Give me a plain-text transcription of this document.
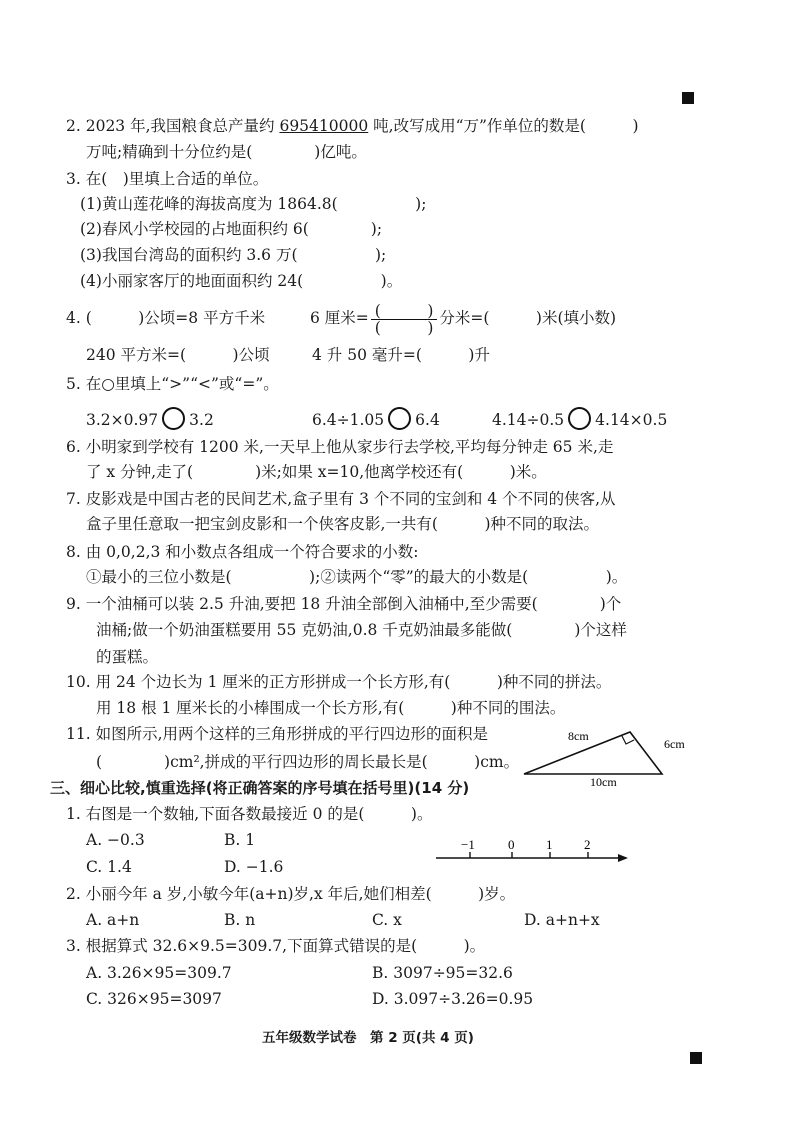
2. 2023 年,我国粮食总产量约 695410000 吨,改写成用“万”作单位的数是(　　　)
万吨;精确到十分位约是(　　　　)亿吨。
3. 在(　)里填上合适的单位。
(1)黄山莲花峰的海拔高度为 1864.8(　　　　　);
(2)春风小学校园的占地面积约 6(　　　　);
(3)我国台湾岛的面积约 3.6 万(　　　　　);
(4)小丽家客厅的地面面积约 24(　　　　　)。
4. (　　　)公顷=8 平方千米	6 厘米= $\frac{( )}{( )}$ 分米=(　　　)米(填小数)
240 平方米=(　　　)公顷	4 升 50 毫升=(　　　)升
5. 在○里填上“>”“<”或“=”。
3.2×0.97 3.2	6.4÷1.05 6.4	4.14÷0.5 4.14×0.5
6. 小明家到学校有 1200 米,一天早上他从家步行去学校,平均每分钟走 65 米,走
了 x 分钟,走了(　　　　)米;如果 x=10,他离学校还有(　　　)米。
7. 皮影戏是中国古老的民间艺术,盒子里有 3 个不同的宝剑和 4 个不同的侠客,从
盒子里任意取一把宝剑皮影和一个侠客皮影,一共有(　　　)种不同的取法。
8. 由 0,0,2,3 和小数点各组成一个符合要求的小数:
①最小的三位小数是(　　　　　);②读两个“零”的最大的小数是(　　　　　)。
9. 一个油桶可以装 2.5 升油,要把 18 升油全部倒入油桶中,至少需要(　　　　)个
油桶;做一个奶油蛋糕要用 55 克奶油,0.8 千克奶油最多能做(　　　　)个这样
的蛋糕。
10. 用 24 个边长为 1 厘米的正方形拼成一个长方形,有(　　　)种不同的拼法。
用 18 根 1 厘米长的小棒围成一个长方形,有(　　　)种不同的围法。
11. 如图所示,用两个这样的三角形拼成的平行四边形的面积是
(　　　　)cm²,拼成的平行四边形的周长最长是(　　　)cm。
8cm
6cm
10cm
三、细心比较,慎重选择(将正确答案的序号填在括号里)(14 分)
1. 右图是一个数轴,下面各数最接近 0 的是(　　　)。
A. −0.3	B. 1
C. 1.4	D. −1.6
−1	0 1 2
2. 小丽今年 a 岁,小敏今年(a+n)岁,x 年后,她们相差(　　　)岁。
A. a+n	B. n	C. x	D. a+n+x
3. 根据算式 32.6×9.5=309.7,下面算式错误的是(　　　)。
A. 3.26×95=309.7	B. 3097÷95=32.6
C. 326×95=3097	D. 3.097÷3.26=0.95
五年级数学试卷　第 2 页(共 4 页)
